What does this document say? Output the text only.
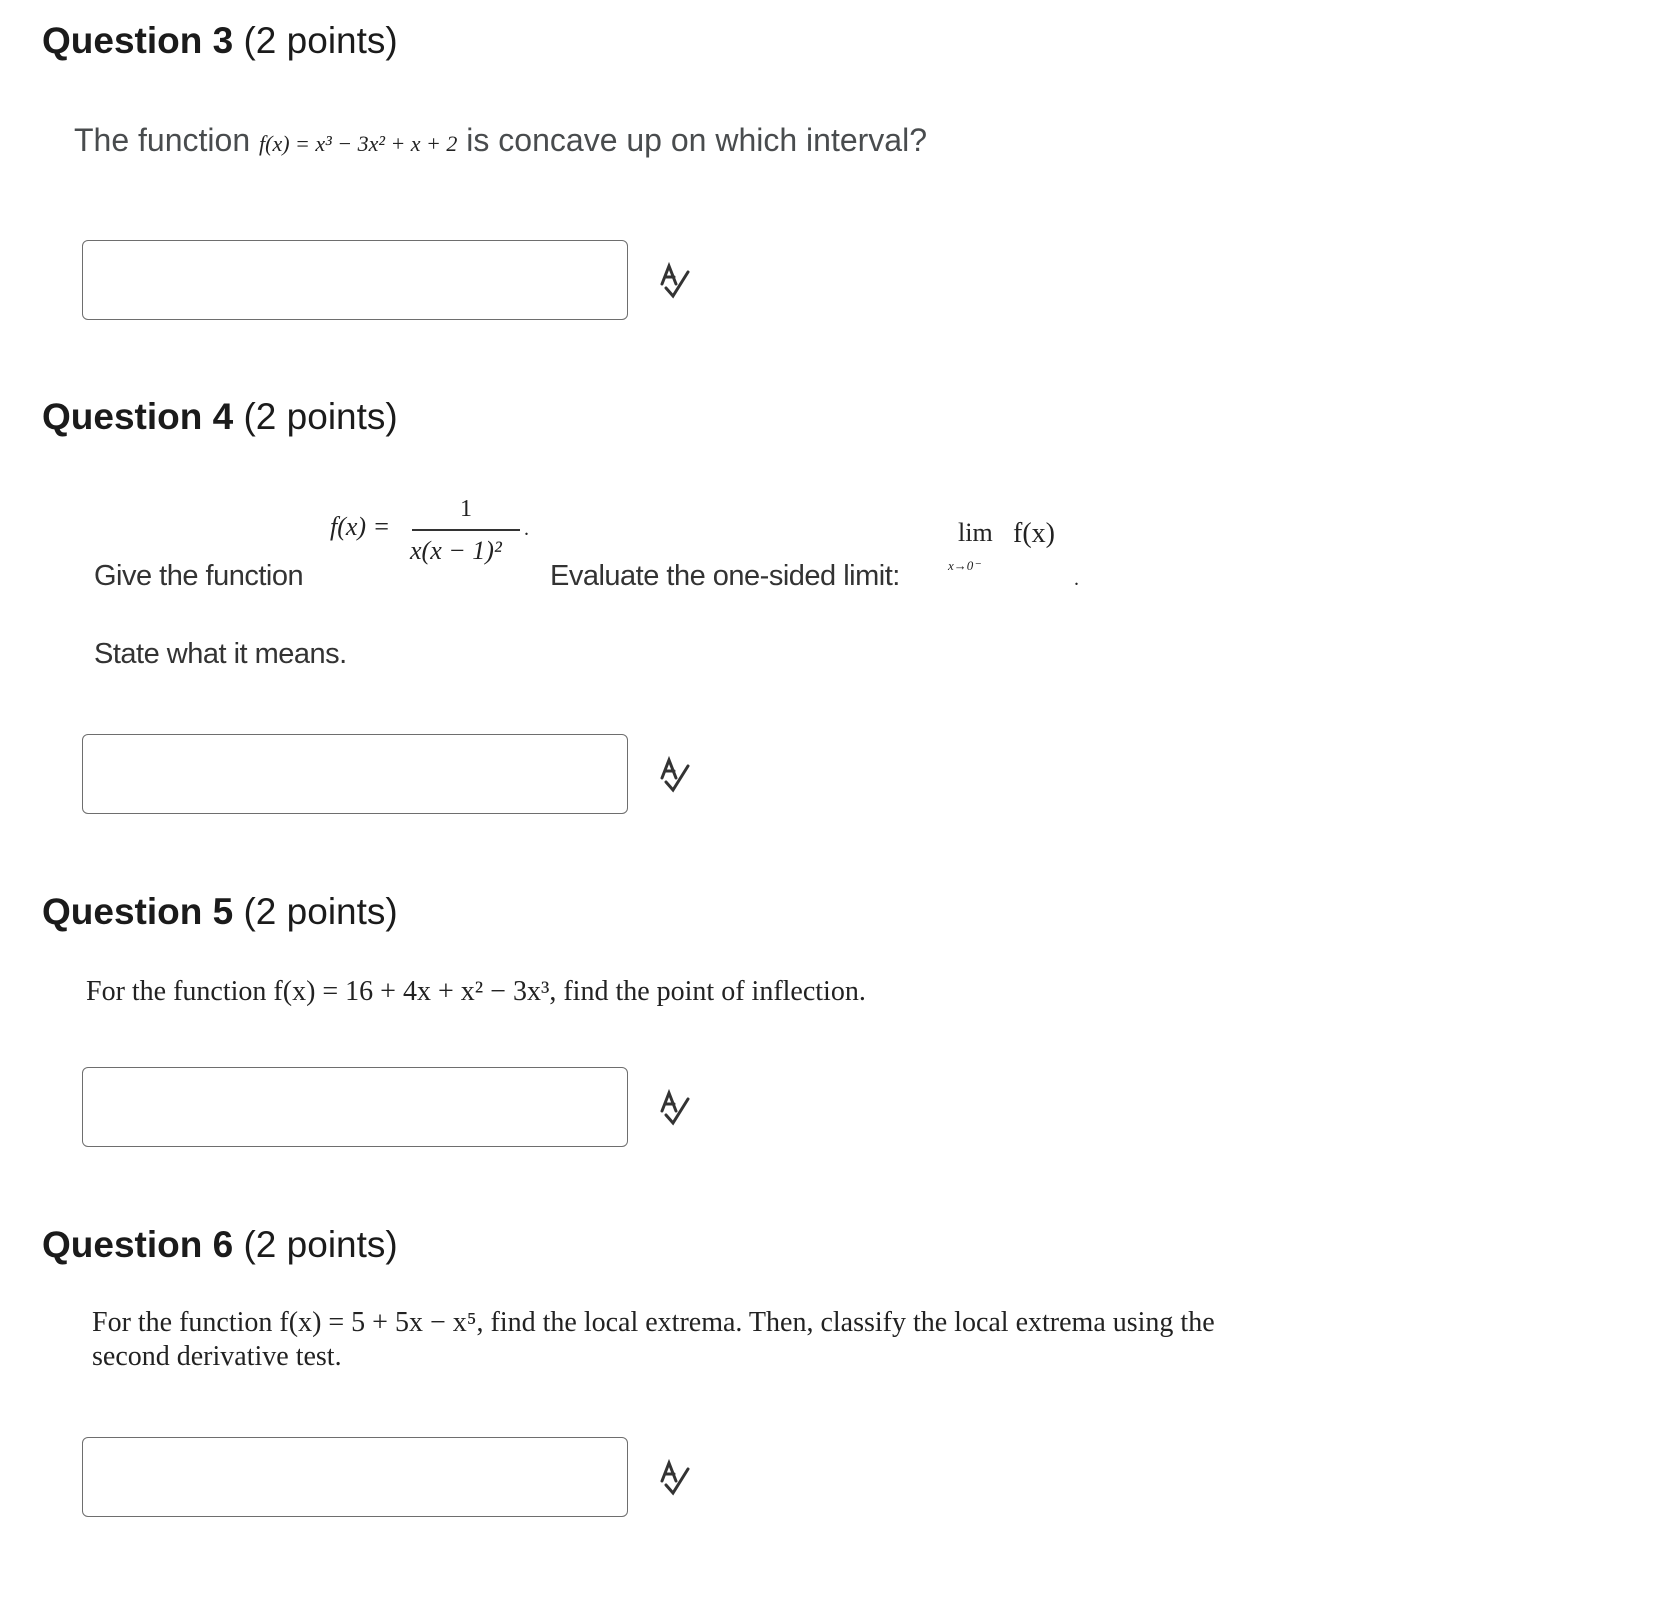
Question 3 (2 points)
The function f(x) = x³ − 3x² + x + 2 is concave up on which interval?
Question 4 (2 points)
Give the function
f(x) =
1
x(x − 1)²
.
Evaluate the one-sided limit:
lim f(x)
x→0⁻
.
State what it means.
Question 5 (2 points)
For the function f(x) = 16 + 4x + x² − 3x³, find the point of inflection.
Question 6 (2 points)
For the function f(x) = 5 + 5x − x⁵, find the local extrema. Then, classify the local extrema using the
second derivative test.
